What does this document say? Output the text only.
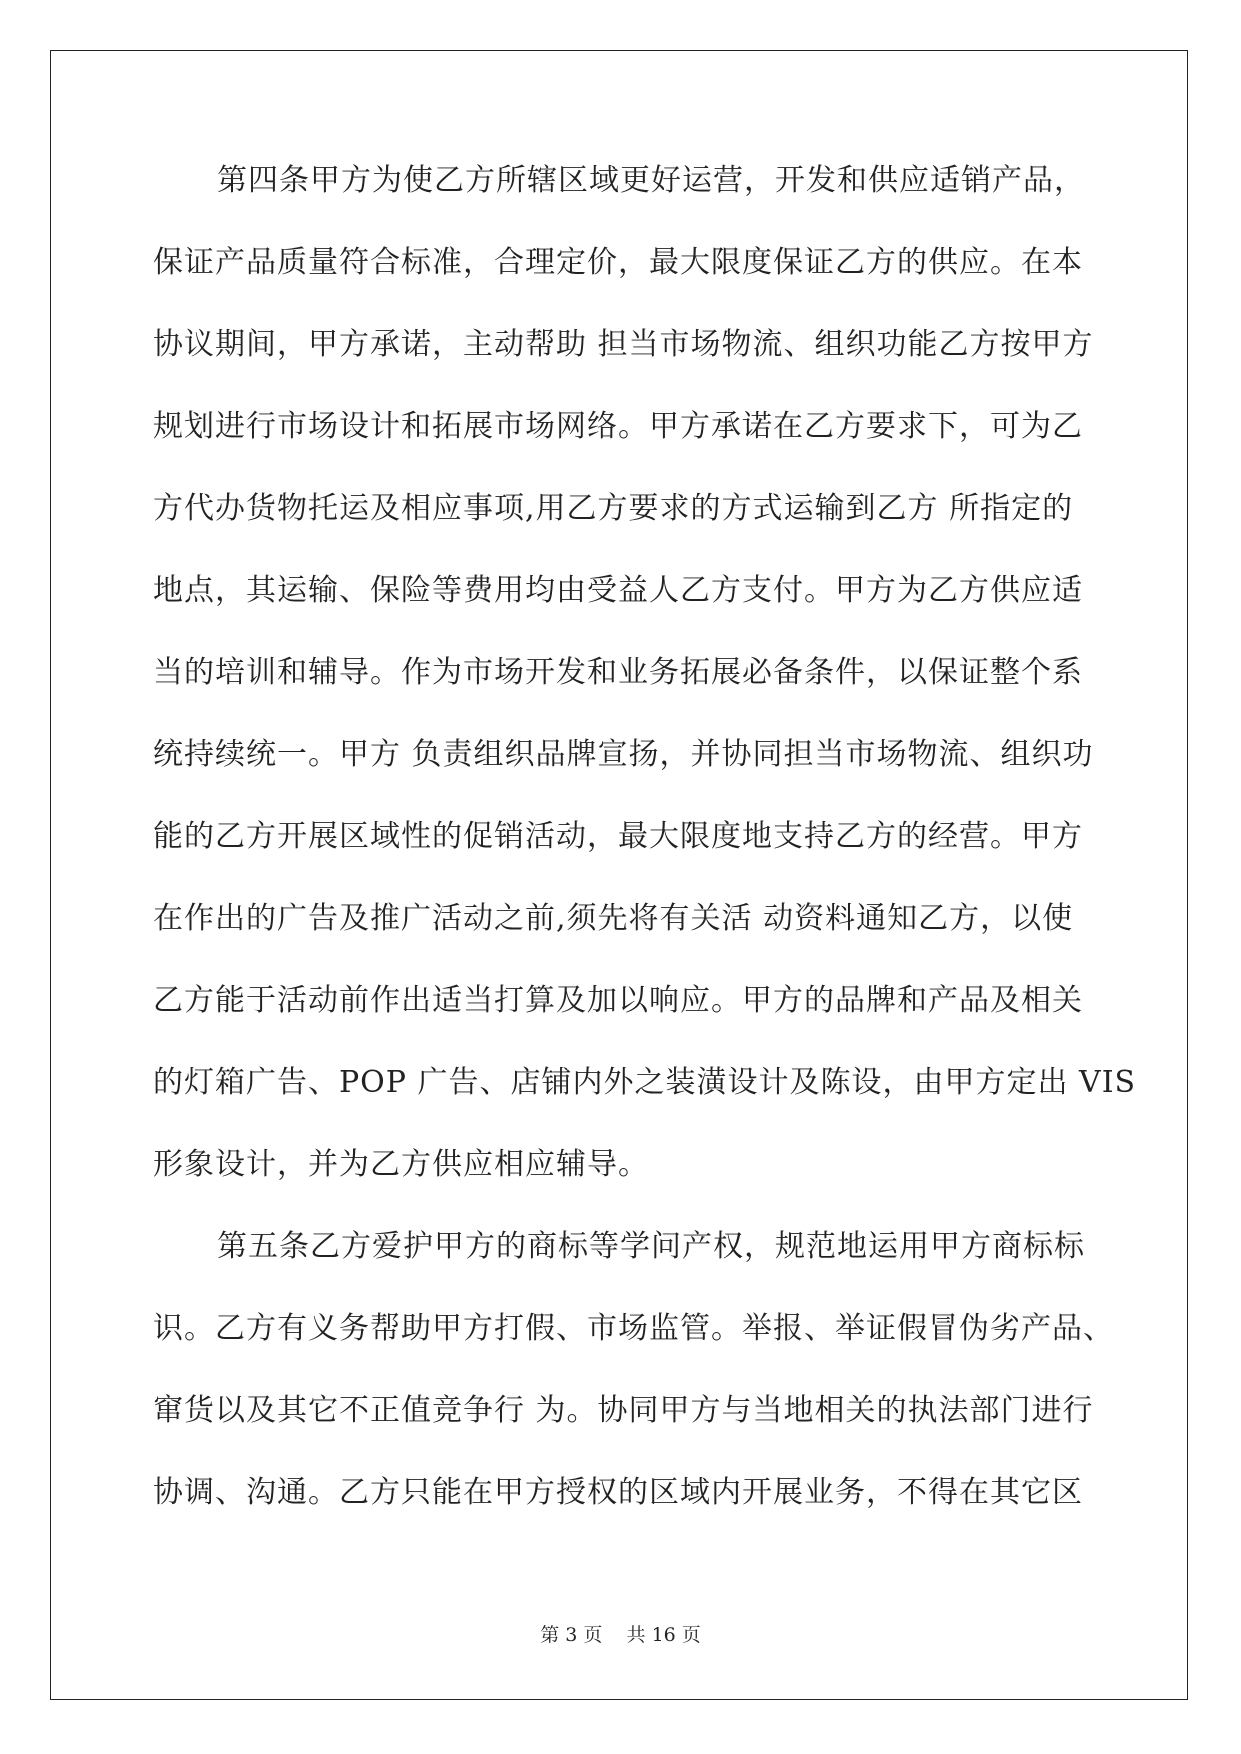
第四条甲方为使乙方所辖区域更好运营，开发和供应适销产品，
保证产品质量符合标准，合理定价，最大限度保证乙方的供应。在本
协议期间，甲方承诺，主动帮助 担当市场物流、组织功能乙方按甲方
规划进行市场设计和拓展市场网络。甲方承诺在乙方要求下，可为乙
方代办货物托运及相应事项,用乙方要求的方式运输到乙方 所指定的
地点，其运输、保险等费用均由受益人乙方支付。甲方为乙方供应适
当的培训和辅导。作为市场开发和业务拓展必备条件，以保证整个系
统持续统一。甲方 负责组织品牌宣扬，并协同担当市场物流、组织功
能的乙方开展区域性的促销活动，最大限度地支持乙方的经营。甲方
在作出的广告及推广活动之前,须先将有关活 动资料通知乙方，以使
乙方能于活动前作出适当打算及加以响应。甲方的品牌和产品及相关
的灯箱广告、POP 广告、店铺内外之装潢设计及陈设，由甲方定出 VIS
形象设计，并为乙方供应相应辅导。
第五条乙方爱护甲方的商标等学问产权，规范地运用甲方商标标
识。乙方有义务帮助甲方打假、市场监管。举报、举证假冒伪劣产品、
窜货以及其它不正值竞争行 为。协同甲方与当地相关的执法部门进行
协调、沟通。乙方只能在甲方授权的区域内开展业务，不得在其它区
第 3 页    共 16 页
